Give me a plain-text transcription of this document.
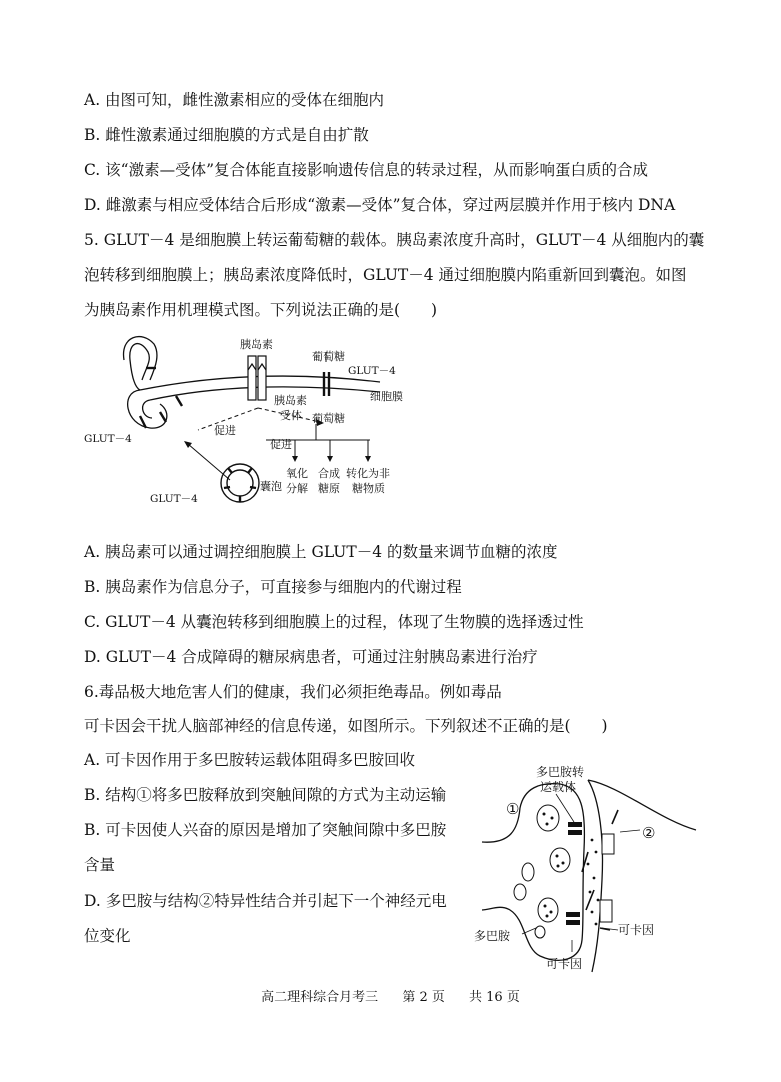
A. 由图可知，雌性激素相应的受体在细胞内
B. 雌性激素通过细胞膜的方式是自由扩散
C. 该“激素—受体”复合体能直接影响遗传信息的转录过程，从而影响蛋白质的合成
D. 雌激素与相应受体结合后形成“激素—受体”复合体，穿过两层膜并作用于核内 DNA
5. GLUT－4 是细胞膜上转运葡萄糖的载体。胰岛素浓度升高时，GLUT－4 从细胞内的囊
泡转移到细胞膜上；胰岛素浓度降低时，GLUT－4 通过细胞膜内陷重新回到囊泡。如图
为胰岛素作用机理模式图。下列说法正确的是(　　)
胰岛素
葡萄糖
GLUT－4
细胞膜
胰岛素
受体 葡萄糖
GLUT－4
促进
促进
GLUT－4
囊泡
氧化
分解
合成
糖原
转化为非
糖物质
A. 胰岛素可以通过调控细胞膜上 GLUT－4 的数量来调节血糖的浓度
B. 胰岛素作为信息分子，可直接参与细胞内的代谢过程
C. GLUT－4 从囊泡转移到细胞膜上的过程，体现了生物膜的选择透过性
D. GLUT－4 合成障碍的糖尿病患者，可通过注射胰岛素进行治疗
6.毒品极大地危害人们的健康，我们必须拒绝毒品。例如毒品
可卡因会干扰人脑部神经的信息传递，如图所示。下列叙述不正确的是(　　)
A. 可卡因作用于多巴胺转运载体阻碍多巴胺回收
B. 结构①将多巴胺释放到突触间隙的方式为主动运输
B. 可卡因使人兴奋的原因是增加了突触间隙中多巴胺
含量
D. 多巴胺与结构②特异性结合并引起下一个神经元电
位变化
多巴胺转
运载体
①
②
多巴胺	可卡因
可卡因
高二理科综合月考三 第 2 页 共 16 页
